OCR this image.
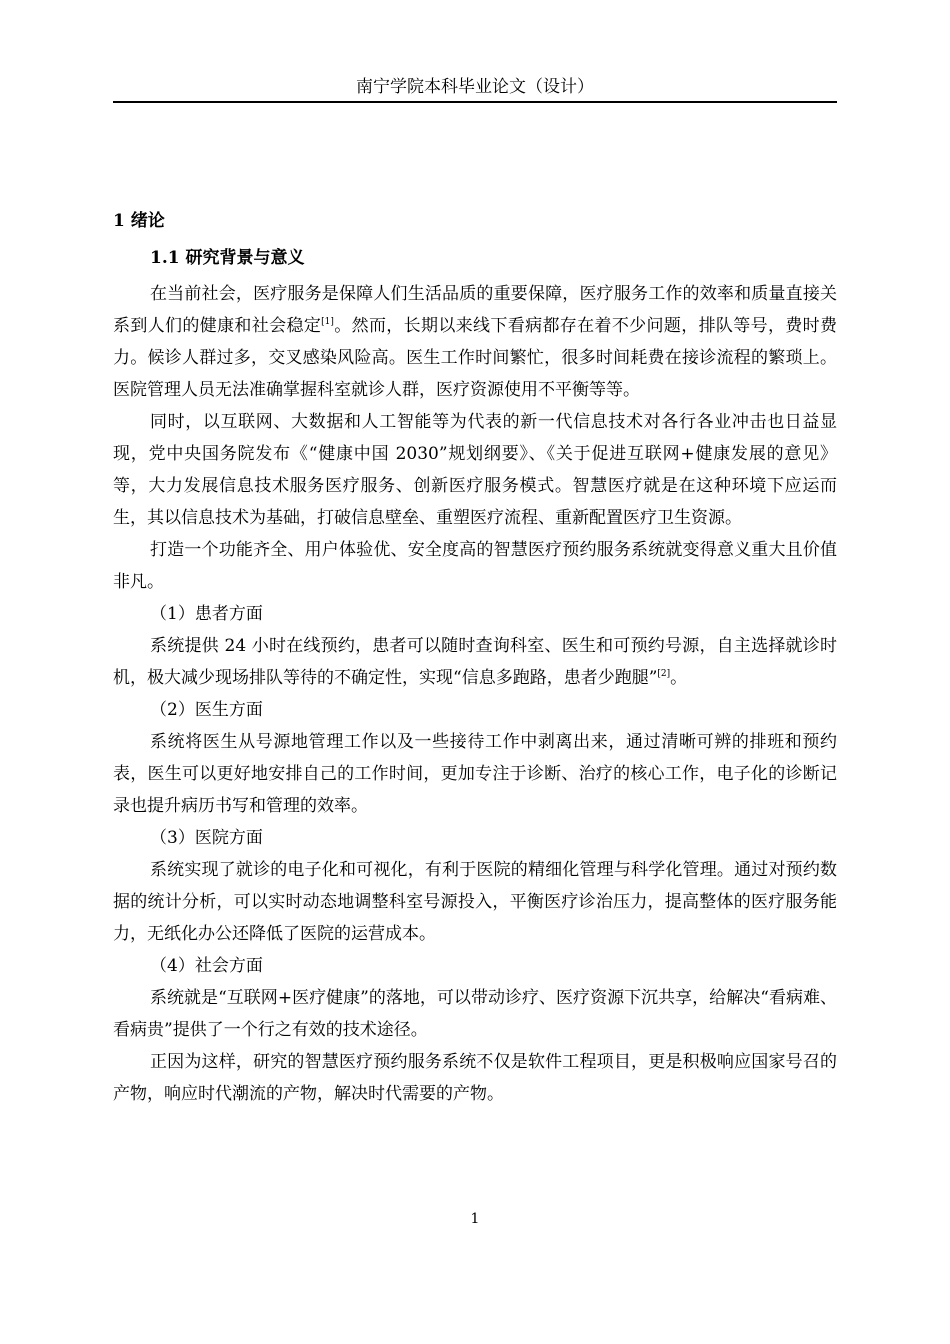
南宁学院本科毕业论文（设计）
1 绪论
1.1 研究背景与意义

在当前社会，医疗服务是保障人们生活品质的重要保障，医疗服务工作的效率和质量直接关系到人们的健康和社会稳定[1]。然而，长期以来线下看病都存在着不少问题，排队等号，费时费力。候诊人群过多，交叉感染风险高。医生工作时间繁忙，很多时间耗费在接诊流程的繁琐上。医院管理人员无法准确掌握科室就诊人群，医疗资源使用不平衡等等。

同时，以互联网、大数据和人工智能等为代表的新一代信息技术对各行各业冲击也日益显现，党中央国务院发布《“健康中国 2030”规划纲要》、《关于促进互联网+健康发展的意见》等，大力发展信息技术服务医疗服务、创新医疗服务模式。智慧医疗就是在这种环境下应运而生，其以信息技术为基础，打破信息壁垒、重塑医疗流程、重新配置医疗卫生资源。

打造一个功能齐全、用户体验优、安全度高的智慧医疗预约服务系统就变得意义重大且价值非凡。

（1）患者方面

系统提供 24 小时在线预约，患者可以随时查询科室、医生和可预约号源，自主选择就诊时机，极大减少现场排队等待的不确定性，实现“信息多跑路，患者少跑腿”[2]。

（2）医生方面

系统将医生从号源地管理工作以及一些接待工作中剥离出来，通过清晰可辨的排班和预约表，医生可以更好地安排自己的工作时间，更加专注于诊断、治疗的核心工作，电子化的诊断记录也提升病历书写和管理的效率。

（3）医院方面

系统实现了就诊的电子化和可视化，有利于医院的精细化管理与科学化管理。通过对预约数据的统计分析，可以实时动态地调整科室号源投入，平衡医疗诊治压力，提高整体的医疗服务能力，无纸化办公还降低了医院的运营成本。

（4）社会方面

系统就是“互联网+医疗健康”的落地，可以带动诊疗、医疗资源下沉共享，给解决“看病难、看病贵”提供了一个行之有效的技术途径。

正因为这样，研究的智慧医疗预约服务系统不仅是软件工程项目，更是积极响应国家号召的产物，响应时代潮流的产物，解决时代需要的产物。

1
